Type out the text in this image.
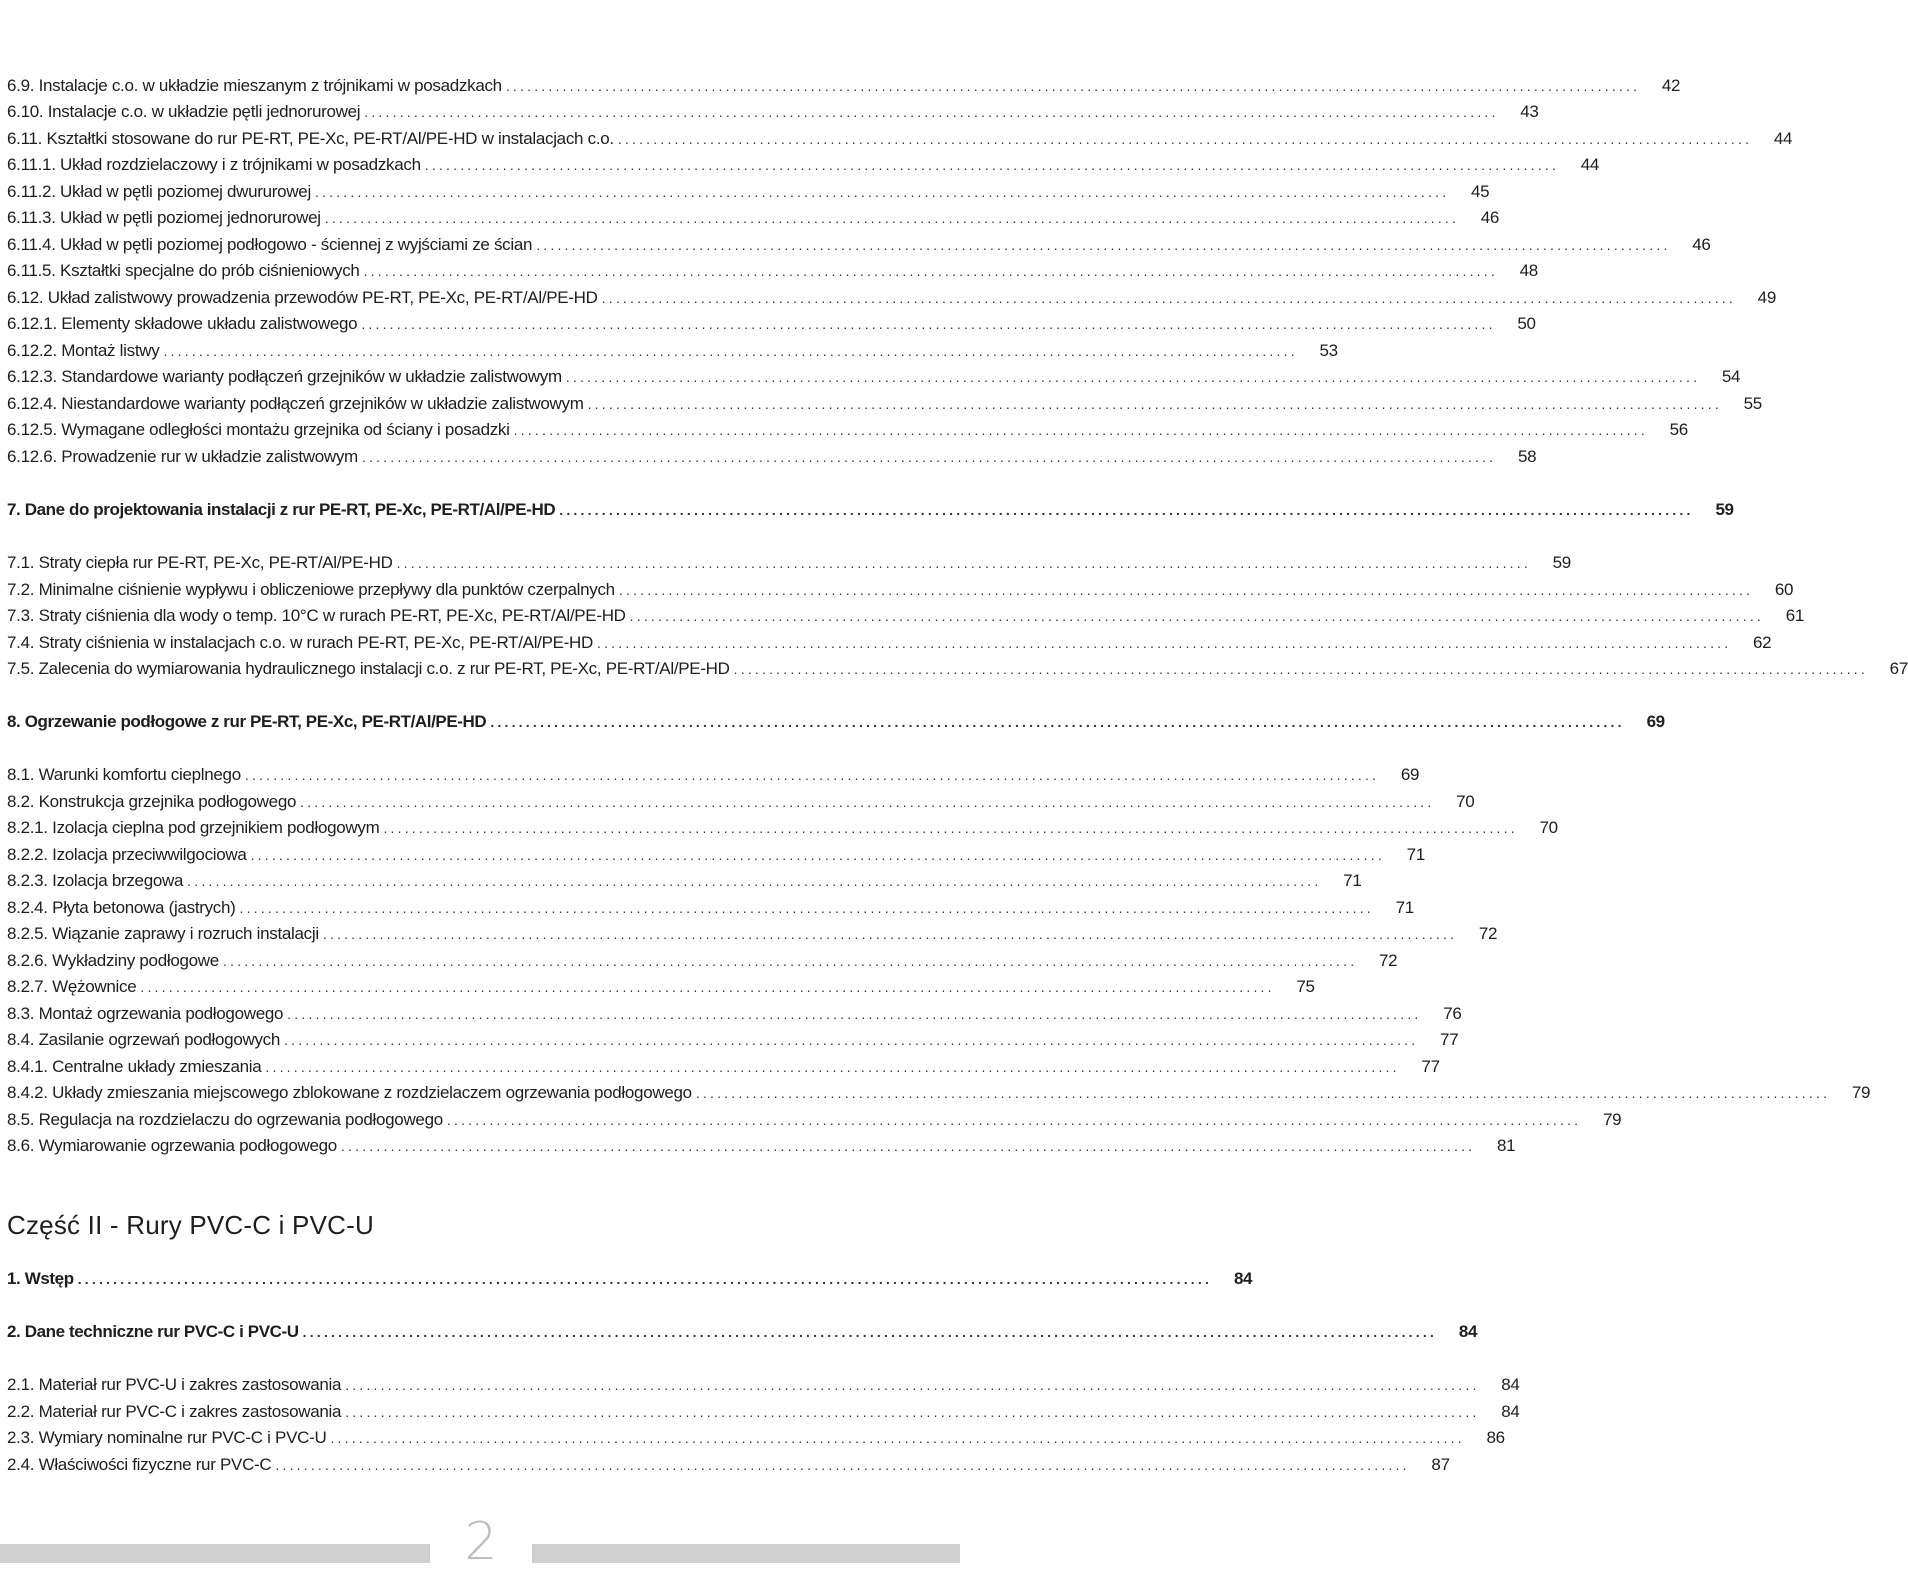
6.9. Instalacje c.o. w układzie mieszanym z trójnikami w posadzkach ................................................................................................................................................................	42
6.10. Instalacje c.o. w układzie pętli jednorurowej ................................................................................................................................................................	43
6.11. Kształtki stosowane do rur PE-RT, PE-Xc, PE-RT/Al/PE-HD w instalacjach c.o. ................................................................................................................................................................	44
6.11.1. Układ rozdzielaczowy i z trójnikami w posadzkach ................................................................................................................................................................	44
6.11.2. Układ w pętli poziomej dwururowej ................................................................................................................................................................	45
6.11.3. Układ w pętli poziomej jednorurowej ................................................................................................................................................................	46
6.11.4. Układ w pętli poziomej podłogowo - ściennej z wyjściami ze ścian ................................................................................................................................................................	46
6.11.5. Kształtki specjalne do prób ciśnieniowych ................................................................................................................................................................	48
6.12. Układ zalistwowy prowadzenia przewodów PE-RT, PE-Xc, PE-RT/Al/PE-HD ................................................................................................................................................................	49
6.12.1. Elementy składowe układu zalistwowego ................................................................................................................................................................	50
6.12.2. Montaż listwy ................................................................................................................................................................	53
6.12.3. Standardowe warianty podłączeń grzejników w układzie zalistwowym ................................................................................................................................................................	54
6.12.4. Niestandardowe warianty podłączeń grzejników w układzie zalistwowym ................................................................................................................................................................	55
6.12.5. Wymagane odległości montażu grzejnika od ściany i posadzki ................................................................................................................................................................	56
6.12.6. Prowadzenie rur w układzie zalistwowym ................................................................................................................................................................	58
7. Dane do projektowania instalacji z rur PE-RT, PE-Xc, PE-RT/Al/PE-HD ................................................................................................................................................................	59
7.1. Straty ciepła rur PE-RT, PE-Xc, PE-RT/Al/PE-HD ................................................................................................................................................................	59
7.2. Minimalne ciśnienie wypływu i obliczeniowe przepływy dla punktów czerpalnych ................................................................................................................................................................	60
7.3. Straty ciśnienia dla wody o temp. 10°C w rurach PE-RT, PE-Xc, PE-RT/Al/PE-HD ................................................................................................................................................................	61
7.4. Straty ciśnienia w instalacjach c.o. w rurach PE-RT, PE-Xc, PE-RT/Al/PE-HD ................................................................................................................................................................	62
7.5. Zalecenia do wymiarowania hydraulicznego instalacji c.o. z rur PE-RT, PE-Xc, PE-RT/Al/PE-HD ................................................................................................................................................................	67
8. Ogrzewanie podłogowe z rur PE-RT, PE-Xc, PE-RT/Al/PE-HD ................................................................................................................................................................	69
8.1. Warunki komfortu cieplnego ................................................................................................................................................................	69
8.2. Konstrukcja grzejnika podłogowego ................................................................................................................................................................	70
8.2.1. Izolacja cieplna pod grzejnikiem podłogowym ................................................................................................................................................................	70
8.2.2. Izolacja przeciwwilgociowa ................................................................................................................................................................	71
8.2.3. Izolacja brzegowa ................................................................................................................................................................	71
8.2.4. Płyta betonowa (jastrych) ................................................................................................................................................................	71
8.2.5. Wiązanie zaprawy i rozruch instalacji ................................................................................................................................................................	72
8.2.6. Wykładziny podłogowe ................................................................................................................................................................	72
8.2.7. Wężownice ................................................................................................................................................................	75
8.3. Montaż ogrzewania podłogowego ................................................................................................................................................................	76
8.4. Zasilanie ogrzewań podłogowych ................................................................................................................................................................	77
8.4.1. Centralne układy zmieszania ................................................................................................................................................................	77
8.4.2. Układy zmieszania miejscowego zblokowane z rozdzielaczem ogrzewania podłogowego ................................................................................................................................................................	79
8.5. Regulacja na rozdzielaczu do ogrzewania podłogowego ................................................................................................................................................................	79
8.6. Wymiarowanie ogrzewania podłogowego ................................................................................................................................................................	81
1. Wstęp ................................................................................................................................................................	84
2. Dane techniczne rur PVC-C i PVC-U ................................................................................................................................................................	84
2.1. Materiał rur PVC-U i zakres zastosowania ................................................................................................................................................................	84
2.2. Materiał rur PVC-C i zakres zastosowania ................................................................................................................................................................	84
2.3. Wymiary nominalne rur PVC-C i PVC-U ................................................................................................................................................................	86
2.4. Właściwości fizyczne rur PVC-C ................................................................................................................................................................	87
Część II - Rury PVC-C i PVC-U
2
